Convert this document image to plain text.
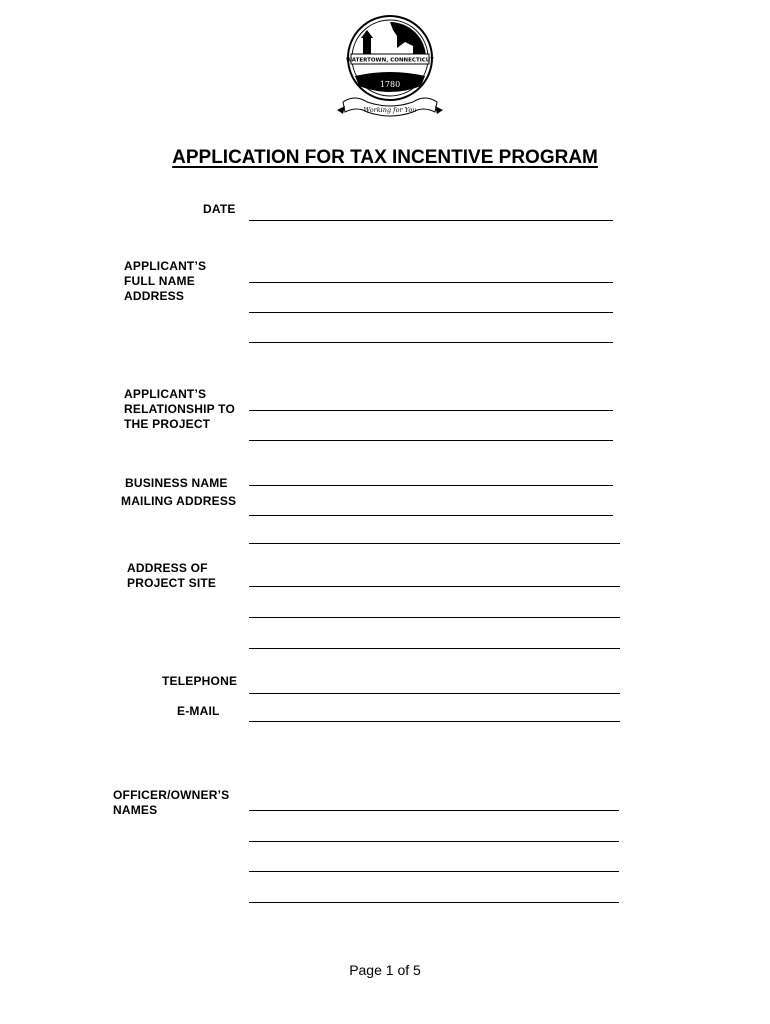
TOWN OF
WATERTOWN, CONNECTICUT
1780
Working for You
APPLICATION FOR TAX INCENTIVE PROGRAM
DATE
APPLICANT’S
FULL NAME
ADDRESS
APPLICANT’S
RELATIONSHIP TO
THE PROJECT
BUSINESS NAME
MAILING ADDRESS
ADDRESS OF
PROJECT SITE
TELEPHONE
E-MAIL
OFFICER/OWNER’S
NAMES
Page 1 of 5
